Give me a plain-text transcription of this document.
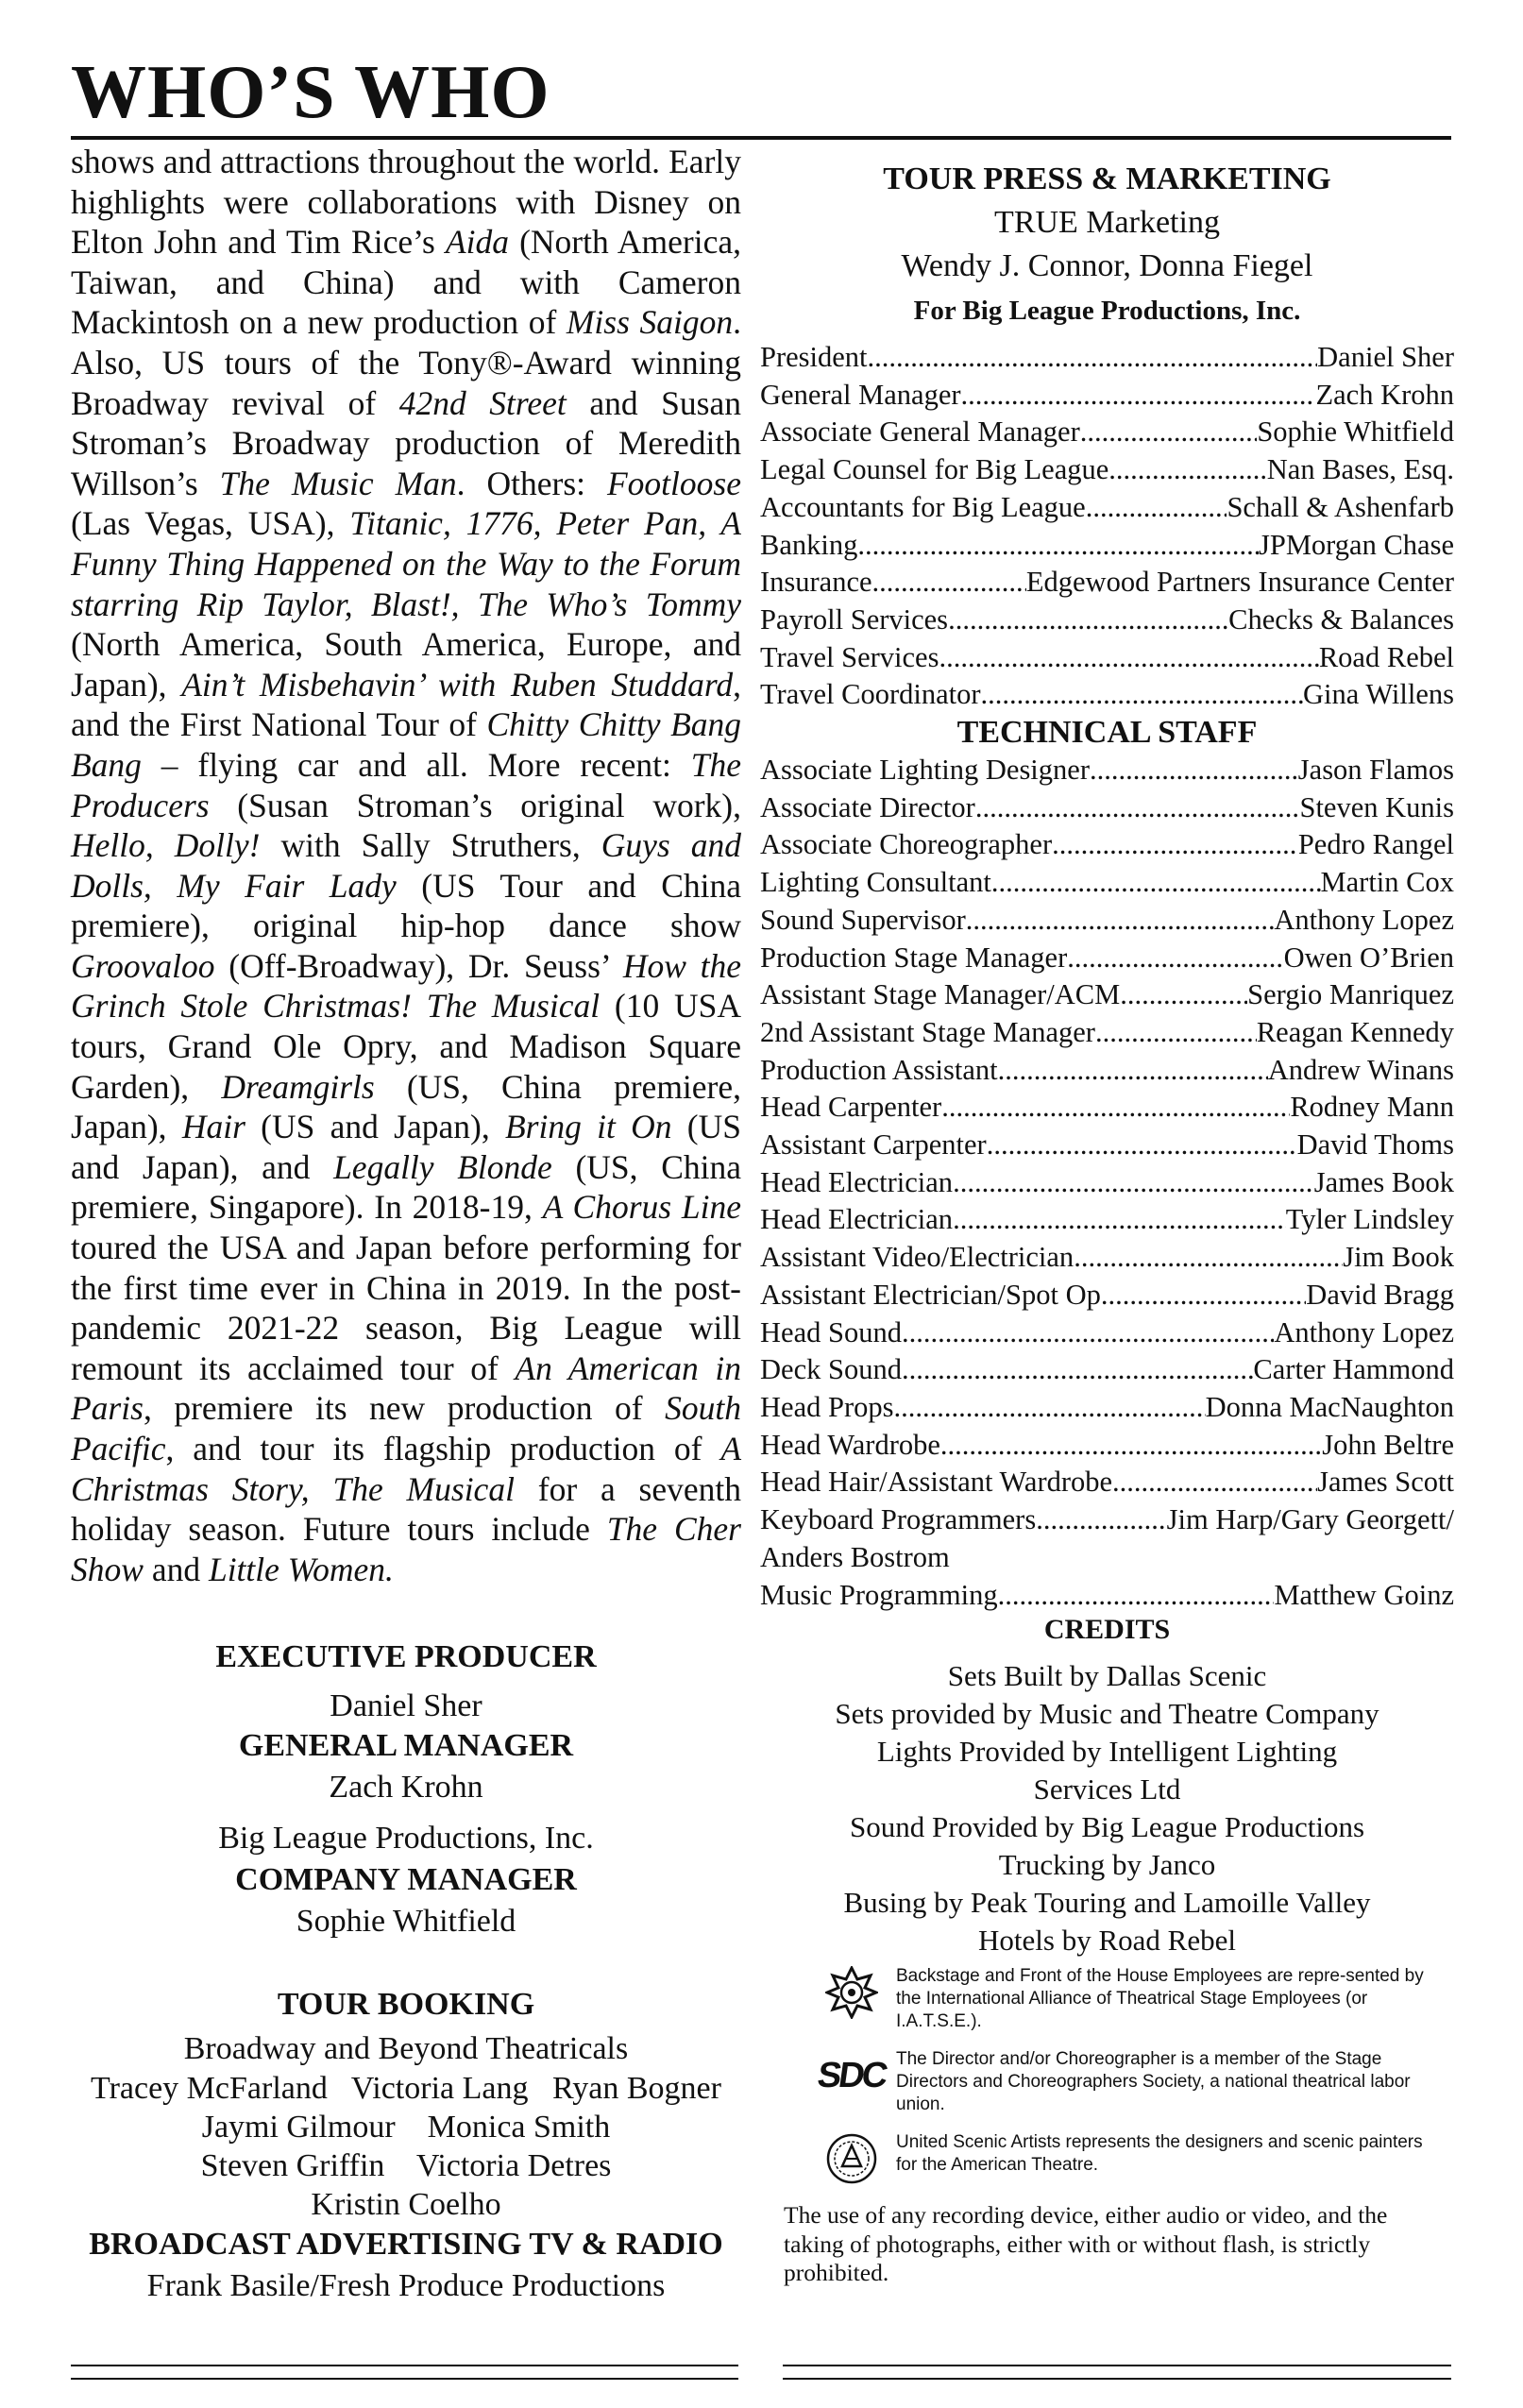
WHO’S WHO

shows and attractions throughout the world. Early highlights were collaborations with Disney on Elton John and Tim Rice’s Aida (North America, Taiwan, and China) and with Cameron Mackintosh on a new production of Miss Saigon. Also, US tours of the Tony®-Award winning Broadway revival of 42nd Street and Susan Stroman’s Broadway production of Meredith Willson’s The Music Man. Others: Footloose (Las Vegas, USA), Titanic, 1776, Peter Pan, A Funny Thing Happened on the Way to the Forum starring Rip Taylor, Blast!, The Who’s Tommy (North America, South America, Europe, and Japan), Ain’t Misbehavin’ with Ruben Studdard, and the First National Tour of Chitty Chitty Bang Bang – flying car and all. More recent: The Producers (Susan Stroman’s original work), Hello, Dolly! with Sally Struthers, Guys and Dolls, My Fair Lady (US Tour and China premiere), original hip-hop dance show Groovaloo (Off-Broadway), Dr. Seuss’ How the Grinch Stole Christmas! The Musical (10 USA tours, Grand Ole Opry, and Madison Square Garden), Dreamgirls (US, China premiere, Japan), Hair (US and Japan), Bring it On (US and Japan), and Legally Blonde (US, China premiere, Singapore). In 2018-19, A Chorus Line toured the USA and Japan before performing for the first time ever in China in 2019. In the post-pandemic 2021-22 season, Big League will remount its acclaimed tour of An American in Paris, premiere its new production of South Pacific, and tour its flagship production of A Christmas Story, The Musical for a seventh holiday season. Future tours include The Cher Show and Little Women.

EXECUTIVE PRODUCER
Daniel Sher
GENERAL MANAGER
Zach Krohn
Big League Productions, Inc.
COMPANY MANAGER
Sophie Whitfield
TOUR BOOKING
Broadway and Beyond Theatricals
Tracey McFarland   Victoria Lang   Ryan Bogner
Jaymi Gilmour    Monica Smith
Steven Griffin    Victoria Detres
Kristin Coelho
BROADCAST ADVERTISING TV & RADIO
Frank Basile/Fresh Produce Productions
TOUR PRESS & MARKETING
TRUE Marketing
Wendy J. Connor, Donna Fiegel
For Big League Productions, Inc.
President .....	Daniel Sher
General Manager .....	Zach Krohn
Associate General Manager .....	Sophie Whitfield
Legal Counsel for Big League .....	Nan Bases, Esq.
Accountants for Big League .....	Schall & Ashenfarb
Banking .....	JPMorgan Chase
Insurance .....	Edgewood Partners Insurance Center
Payroll Services .....	Checks & Balances
Travel Services .....	Road Rebel
Travel Coordinator .....	Gina Willens
TECHNICAL STAFF
Associate Lighting Designer .....	Jason Flamos
Associate Director .....	Steven Kunis
Associate Choreographer .....	Pedro Rangel
Lighting Consultant .....	Martin Cox
Sound Supervisor .....	Anthony Lopez
Production Stage Manager .....	Owen O’Brien
Assistant Stage Manager/ACM .....	Sergio Manriquez
2nd Assistant Stage Manager .....	Reagan Kennedy
Production Assistant .....	Andrew Winans
Head Carpenter .....	Rodney Mann
Assistant Carpenter .....	David Thoms
Head Electrician .....	James Book
Head Electrician .....	Tyler Lindsley
Assistant Video/Electrician .....	Jim Book
Assistant Electrician/Spot Op .....	David Bragg
Head Sound .....	Anthony Lopez
Deck Sound .....	Carter Hammond
Head Props .....	Donna MacNaughton
Head Wardrobe .....	John Beltre
Head Hair/Assistant Wardrobe .....	James Scott
Keyboard Programmers .....	Jim Harp/Gary Georgett/
Anders Bostrom
Music Programming .....	Matthew Goinz
CREDITS
Sets Built by Dallas Scenic
Sets provided by Music and Theatre Company
Lights Provided by Intelligent Lighting
Services Ltd
Sound Provided by Big League Productions
Trucking by Janco
Busing by Peak Touring and Lamoille Valley
Hotels by Road Rebel
Backstage and Front of the House Employees are repre-sented by the International Alliance of Theatrical Stage Employees (or I.A.T.S.E.).
SDC The Director and/or Choreographer is a member of the Stage Directors and Choreographers Society, a national theatrical labor union.
United Scenic Artists represents the designers and scenic painters for the American Theatre.

The use of any recording device, either audio or video, and the taking of photographs, either with or without flash, is strictly prohibited.
